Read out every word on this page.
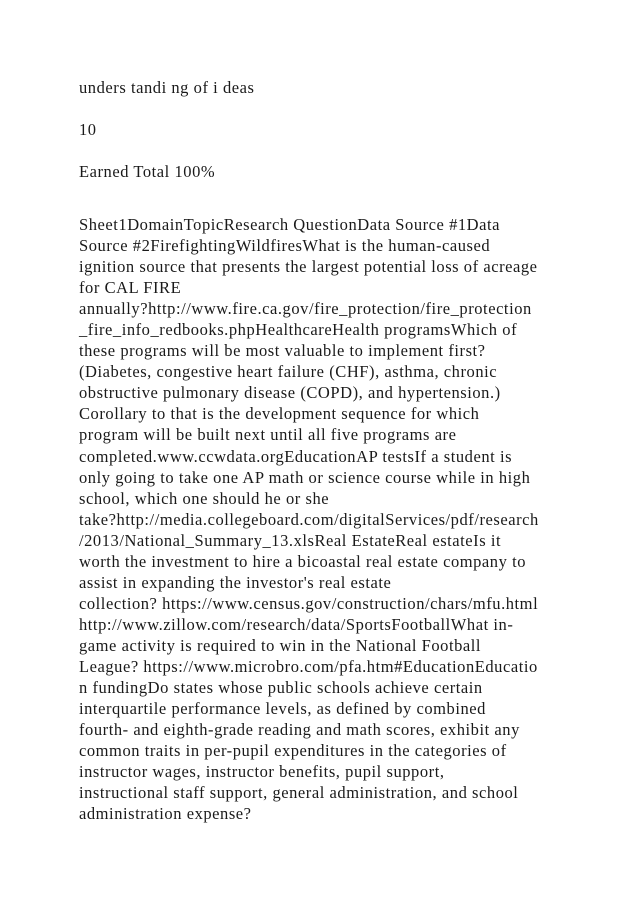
unders tandi ng of i deas
10
Earned Total 100%
Sheet1DomainTopicResearch QuestionData Source #1Data
Source #2FirefightingWildfiresWhat is the human-caused
ignition source that presents the largest potential loss of acreage
for CAL FIRE
annually?http://www.fire.ca.gov/fire_protection/fire_protection
_fire_info_redbooks.phpHealthcareHealth programsWhich of
these programs will be most valuable to implement first?
(Diabetes, congestive heart failure (CHF), asthma, chronic
obstructive pulmonary disease (COPD), and hypertension.)
Corollary to that is the development sequence for which
program will be built next until all five programs are
completed.www.ccwdata.orgEducationAP testsIf a student is
only going to take one AP math or science course while in high
school, which one should he or she
take?http://media.collegeboard.com/digitalServices/pdf/research
/2013/National_Summary_13.xlsReal EstateReal estateIs it
worth the investment to hire a bicoastal real estate company to
assist in expanding the investor's real estate
collection? https://www.census.gov/construction/chars/mfu.html
http://www.zillow.com/research/data/SportsFootballWhat in-
game activity is required to win in the National Football
League? https://www.microbro.com/pfa.htm#EducationEducatio
n fundingDo states whose public schools achieve certain
interquartile performance levels, as defined by combined
fourth- and eighth-grade reading and math scores, exhibit any
common traits in per-pupil expenditures in the categories of
instructor wages, instructor benefits, pupil support,
instructional staff support, general administration, and school
administration expense?
